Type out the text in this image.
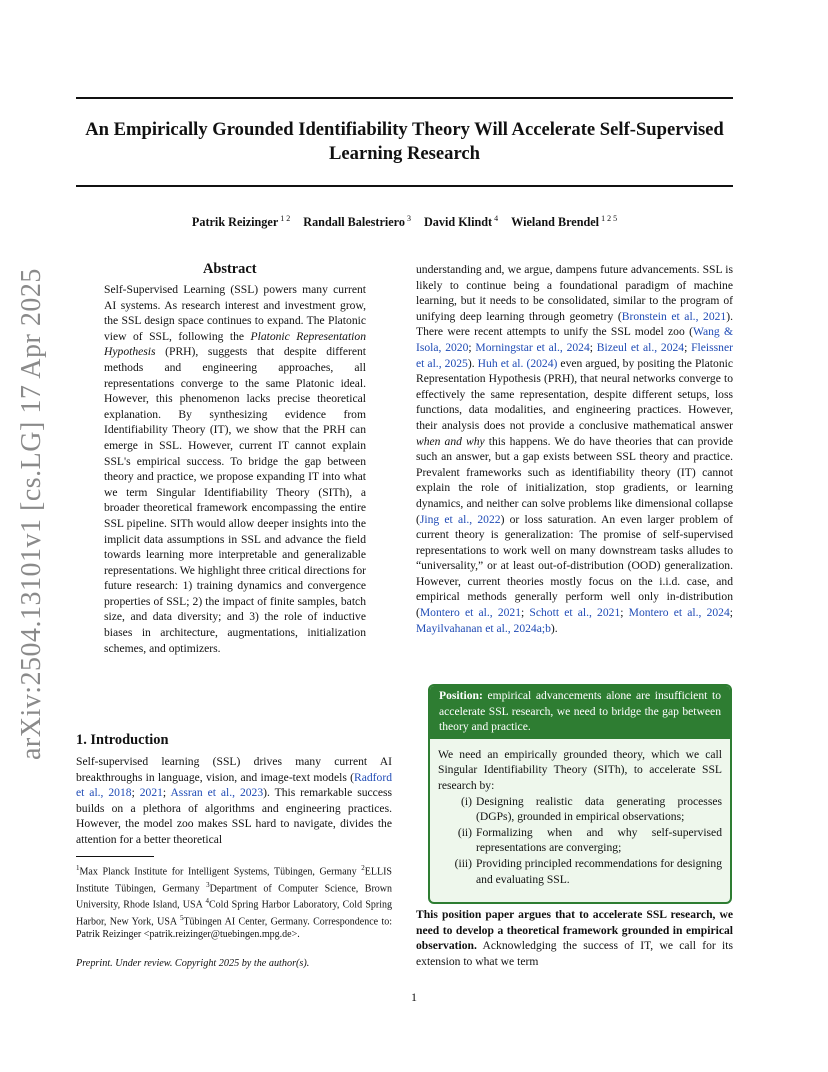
An Empirically Grounded Identifiability Theory Will Accelerate Self-Supervised Learning Research
Patrik Reizinger $^{1 2}$ Randall Balestriero $^3$ David Klindt $^4$ Wieland Brendel $^{1 2 5}$
arXiv:2504.13101v1 [cs.LG] 17 Apr 2025	Abstract
Self-Supervised Learning (SSL) powers many current AI systems. As research interest and investment grow, the SSL design space continues to expand. The Platonic view of SSL, following the Platonic Representation Hypothesis (PRH), suggests that despite different methods and engineering approaches, all representations converge to the same Platonic ideal. However, this phenomenon lacks precise theoretical explanation. By synthesizing evidence from Identifiability Theory (IT), we show that the PRH can emerge in SSL. However, current IT cannot explain SSL's empirical success. To bridge the gap between theory and practice, we propose expanding IT into what we term Singular Identifiability Theory (SITh), a broader theoretical framework encompassing the entire SSL pipeline. SITh would allow deeper insights into the implicit data assumptions in SSL and advance the field towards learning more interpretable and generalizable representations. We highlight three critical directions for future research: 1) training dynamics and convergence properties of SSL; 2) the impact of finite samples, batch size, and data diversity; and 3) the role of inductive biases in architecture, augmentations, initialization schemes, and optimizers.
1. Introduction
Self-supervised learning (SSL) drives many current AI breakthroughs in language, vision, and image-text models (Radford et al., 2018; 2021; Assran et al., 2023). This remarkable success builds on a plethora of algorithms and engineering practices. However, the model zoo makes SSL hard to navigate, divides the attention for a better theoretical
$^1$Max Planck Institute for Intelligent Systems, Tübingen, Germany $^2$ELLIS Institute Tübingen, Germany $^3$Department of Computer Science, Brown University, Rhode Island, USA $^4$Cold Spring Harbor Laboratory, Cold Spring Harbor, New York, USA $^5$Tübingen AI Center, Germany. Correspondence to: Patrik Reizinger <patrik.reizinger@tuebingen.mpg.de>.
Preprint. Under review. Copyright 2025 by the author(s).
understanding and, we argue, dampens future advancements. SSL is likely to continue being a foundational paradigm of machine learning, but it needs to be consolidated, similar to the program of unifying deep learning through geometry (Bronstein et al., 2021). There were recent attempts to unify the SSL model zoo (Wang & Isola, 2020; Morningstar et al., 2024; Bizeul et al., 2024; Fleissner et al., 2025). Huh et al. (2024) even argued, by positing the Platonic Representation Hypothesis (PRH), that neural networks converge to effectively the same representation, despite different setups, loss functions, data modalities, and engineering practices. However, their analysis does not provide a conclusive mathematical answer when and why this happens. We do have theories that can provide such an answer, but a gap exists between SSL theory and practice. Prevalent frameworks such as identifiability theory (IT) cannot explain the role of initialization, stop gradients, or learning dynamics, and neither can solve problems like dimensional collapse (Jing et al., 2022) or loss saturation. An even larger problem of current theory is generalization: The promise of self-supervised representations to work well on many downstream tasks alludes to “universality,” or at least out-of-distribution (OOD) generalization. However, current theories mostly focus on the i.i.d. case, and empirical methods generally perform well only in-distribution (Montero et al., 2021; Schott et al., 2021; Montero et al., 2024; Mayilvahanan et al., 2024a;b).
Position: empirical advancements alone are insufficient to accelerate SSL research, we need to bridge the gap between theory and practice.

We need an empirically grounded theory, which we call Singular Identifiability Theory (SITh), to accelerate SSL research by:

(i) Designing realistic data generating processes (DGPs), grounded in empirical observations;
(ii) Formalizing when and why self-supervised representations are converging;
(iii) Providing principled recommendations for designing and evaluating SSL.
This position paper argues that to accelerate SSL research, we need to develop a theoretical framework grounded in empirical observation. Acknowledging the success of IT, we call for its extension to what we term
1
